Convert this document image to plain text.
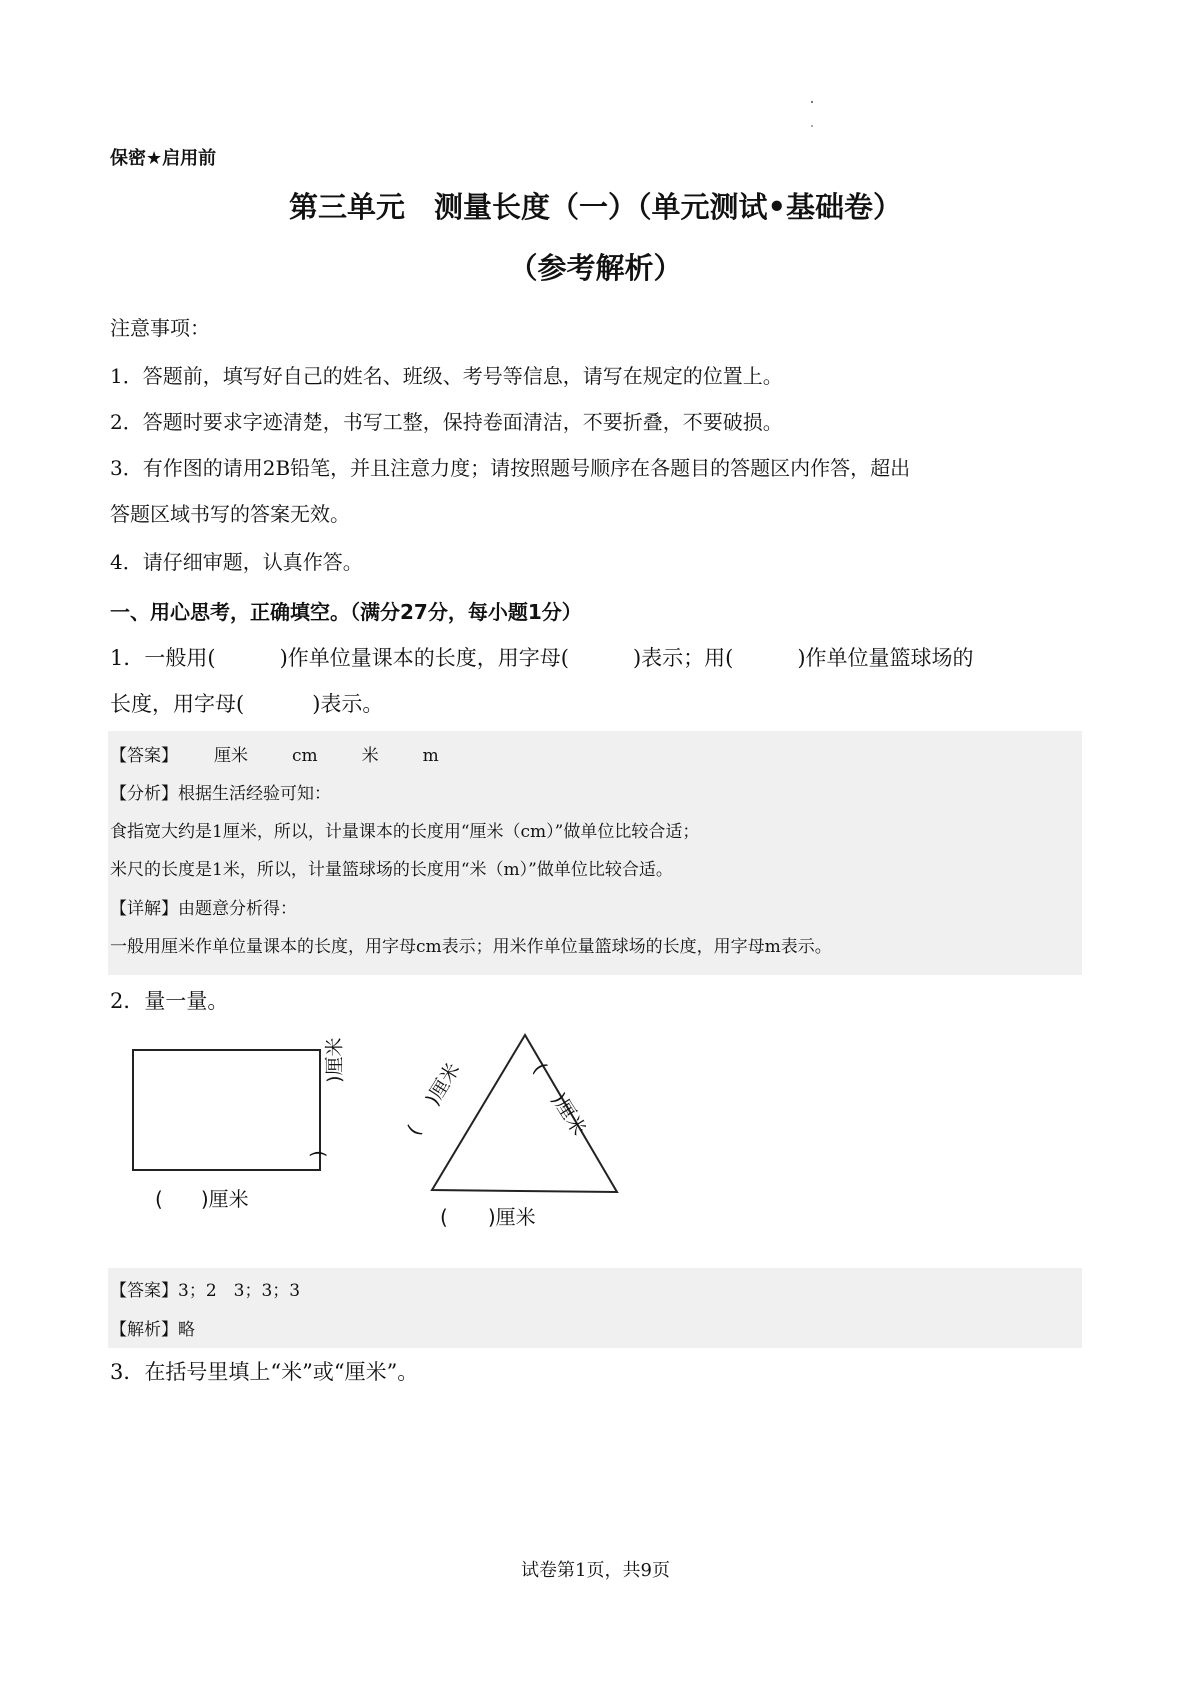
保密★启用前
第三单元　测量长度（一）（单元测试•基础卷）
（参考解析）
注意事项：
1．答题前，填写好自己的姓名、班级、考号等信息，请写在规定的位置上。
2．答题时要求字迹清楚，书写工整，保持卷面清洁，不要折叠，不要破损。
3．有作图的请用2B铅笔，并且注意力度；请按照题号顺序在各题目的答题区内作答，超出
答题区域书写的答案无效。
4．请仔细审题，认真作答。
一、用心思考，正确填空。（满分27分，每小题1分）
1．一般用(	)作单位量课本的长度，用字母(	)表示；用(	)作单位量篮球场的
长度，用字母(	)表示。
【答案】 厘米	cm	米	m
【分析】根据生活经验可知：
食指宽大约是1厘米，所以，计量课本的长度用“厘米（cm）”做单位比较合适；
米尺的长度是1米，所以，计量篮球场的长度用“米（m）”做单位比较合适。
【详解】由题意分析得：
一般用厘米作单位量课本的长度，用字母cm表示；用米作单位量篮球场的长度，用字母m表示。
2．量一量。
( )厘米
)厘米
(
()厘米	()厘米
( )厘米
【答案】3；2　3；3；3
【解析】略
3．在括号里填上“米”或“厘米”。
试卷第1页，共9页
